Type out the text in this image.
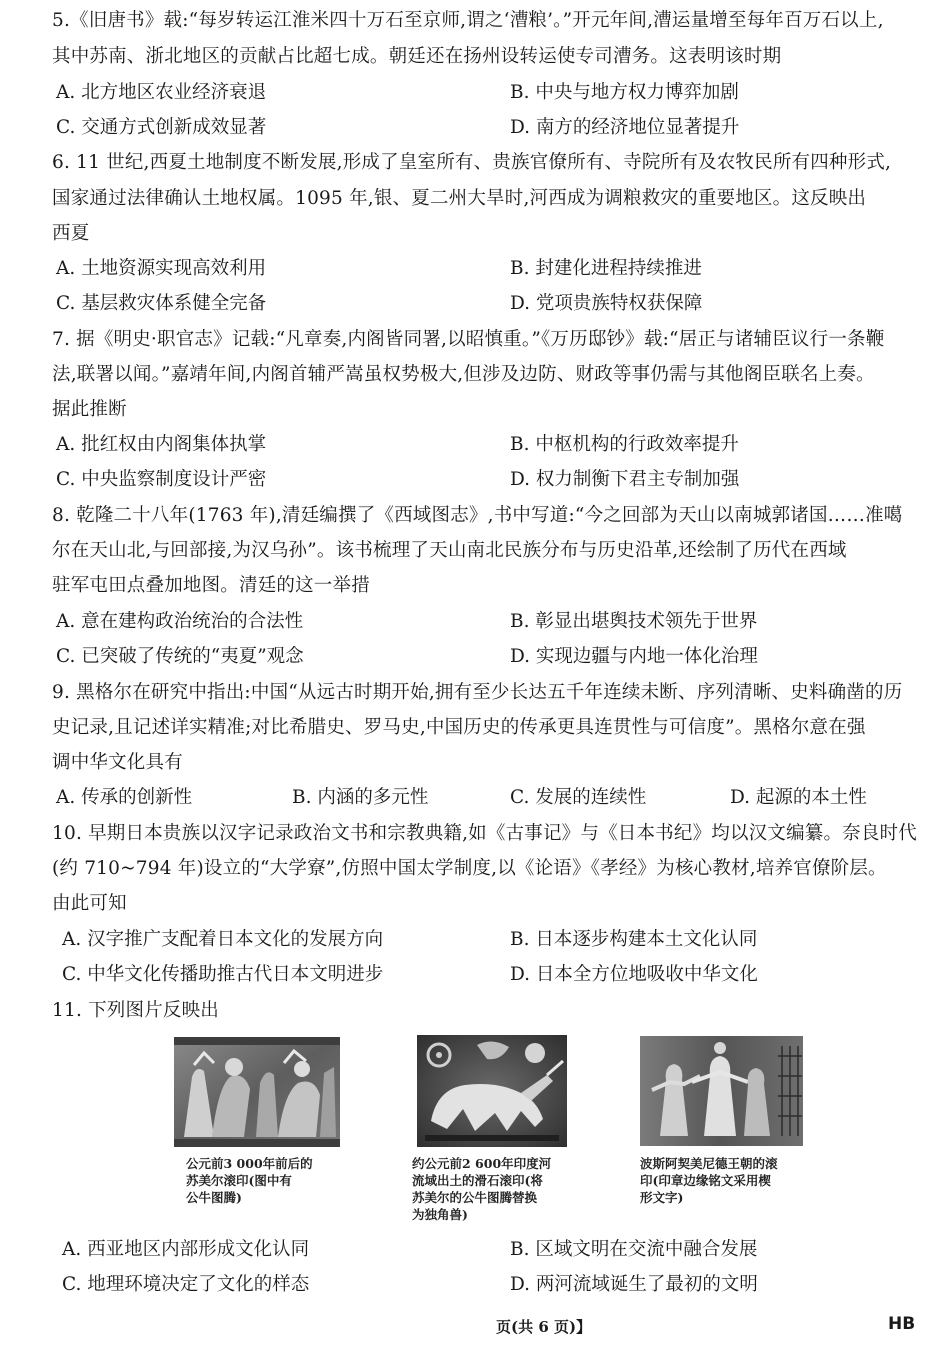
5.《旧唐书》载:“每岁转运江淮米四十万石至京师,谓之‘漕粮’。”开元年间,漕运量增至每年百万石以上,
其中苏南、浙北地区的贡献占比超七成。朝廷还在扬州设转运使专司漕务。这表明该时期
A. 北方地区农业经济衰退	B. 中央与地方权力博弈加剧
C. 交通方式创新成效显著	D. 南方的经济地位显著提升
6. 11 世纪,西夏土地制度不断发展,形成了皇室所有、贵族官僚所有、寺院所有及农牧民所有四种形式,
国家通过法律确认土地权属。1095 年,银、夏二州大旱时,河西成为调粮救灾的重要地区。这反映出
西夏
A. 土地资源实现高效利用	B. 封建化进程持续推进
C. 基层救灾体系健全完备	D. 党项贵族特权获保障
7. 据《明史·职官志》记载:“凡章奏,内阁皆同署,以昭慎重。”《万历邸钞》载:“居正与诸辅臣议行一条鞭
法,联署以闻。”嘉靖年间,内阁首辅严嵩虽权势极大,但涉及边防、财政等事仍需与其他阁臣联名上奏。
据此推断
A. 批红权由内阁集体执掌	B. 中枢机构的行政效率提升
C. 中央监察制度设计严密	D. 权力制衡下君主专制加强
8. 乾隆二十八年(1763 年),清廷编撰了《西域图志》,书中写道:“今之回部为天山以南城郭诸国……准噶
尔在天山北,与回部接,为汉乌孙”。该书梳理了天山南北民族分布与历史沿革,还绘制了历代在西域
驻军屯田点叠加地图。清廷的这一举措
A. 意在建构政治统治的合法性	B. 彰显出堪舆技术领先于世界
C. 已突破了传统的“夷夏”观念	D. 实现边疆与内地一体化治理
9. 黑格尔在研究中指出:中国“从远古时期开始,拥有至少长达五千年连续未断、序列清晰、史料确凿的历
史记录,且记述详实精准;对比希腊史、罗马史,中国历史的传承更具连贯性与可信度”。黑格尔意在强
调中华文化具有
A. 传承的创新性	B. 内涵的多元性	C. 发展的连续性	D. 起源的本土性
10. 早期日本贵族以汉字记录政治文书和宗教典籍,如《古事记》与《日本书纪》均以汉文编纂。奈良时代
(约 710~794 年)设立的“大学寮”,仿照中国太学制度,以《论语》《孝经》为核心教材,培养官僚阶层。
由此可知
A. 汉字推广支配着日本文化的发展方向	B. 日本逐步构建本土文化认同
C. 中华文化传播助推古代日本文明进步	D. 日本全方位地吸收中华文化
11. 下列图片反映出
公元前3 000年前后的
苏美尔滚印(图中有
公牛图腾)
约公元前2 600年印度河
流域出土的滑石滚印(将
苏美尔的公牛图腾替换
为独角兽)
波斯阿契美尼德王朝的滚
印(印章边缘铭文采用楔
形文字)
A. 西亚地区内部形成文化认同	B. 区域文明在交流中融合发展
C. 地理环境决定了文化的样态	D. 两河流域诞生了最初的文明
页(共 6 页)】	HB
